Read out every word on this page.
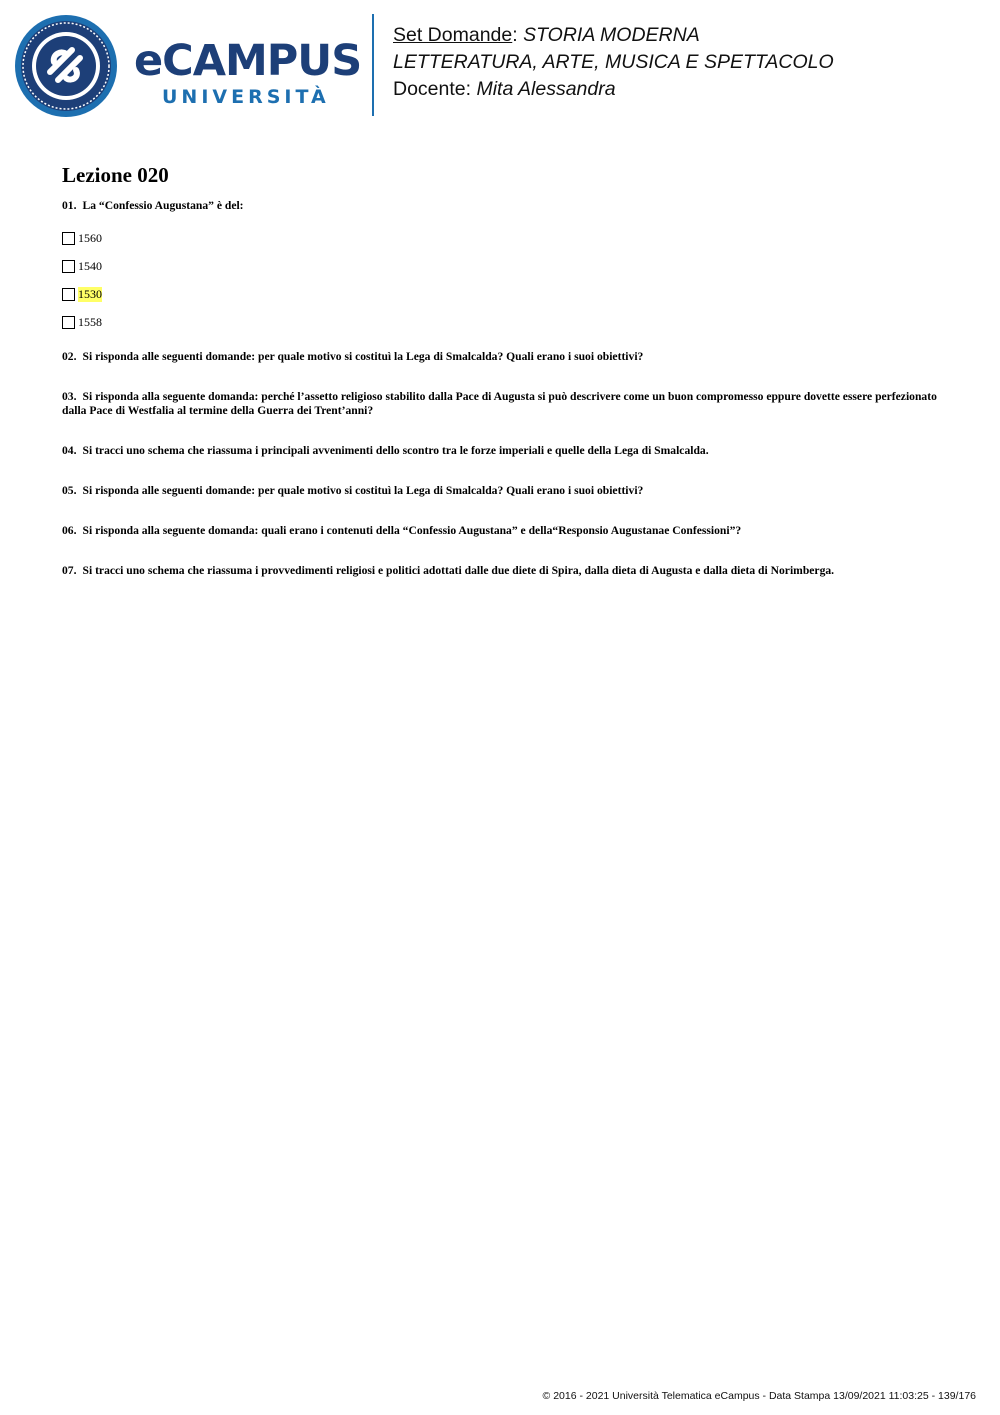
eCAMPUS
UNIVERSITÀ
Set Domande: STORIA MODERNA
LETTERATURA, ARTE, MUSICA E SPETTACOLO
Docente: Mita Alessandra
Lezione 020
01. La “Confessio Augustana” è del:
1560
1540
1530
1558
02. Si risponda alle seguenti domande: per quale motivo si costituì la Lega di Smalcalda? Quali erano i suoi obiettivi?
03. Si risponda alla seguente domanda: perché l’assetto religioso stabilito dalla Pace di Augusta si può descrivere come un buon compromesso eppure dovette essere perfezionato dalla Pace di Westfalia al termine della Guerra dei Trent’anni?
04. Si tracci uno schema che riassuma i principali avvenimenti dello scontro tra le forze imperiali e quelle della Lega di Smalcalda.
05. Si risponda alle seguenti domande: per quale motivo si costituì la Lega di Smalcalda? Quali erano i suoi obiettivi?
06. Si risponda alla seguente domanda: quali erano i contenuti della “Confessio Augustana” e della“Responsio Augustanae Confessioni”?
07. Si tracci uno schema che riassuma i provvedimenti religiosi e politici adottati dalle due diete di Spira, dalla dieta di Augusta e dalla dieta di Norimberga.
© 2016 - 2021 Università Telematica eCampus - Data Stampa 13/09/2021 11:03:25 - 139/176
